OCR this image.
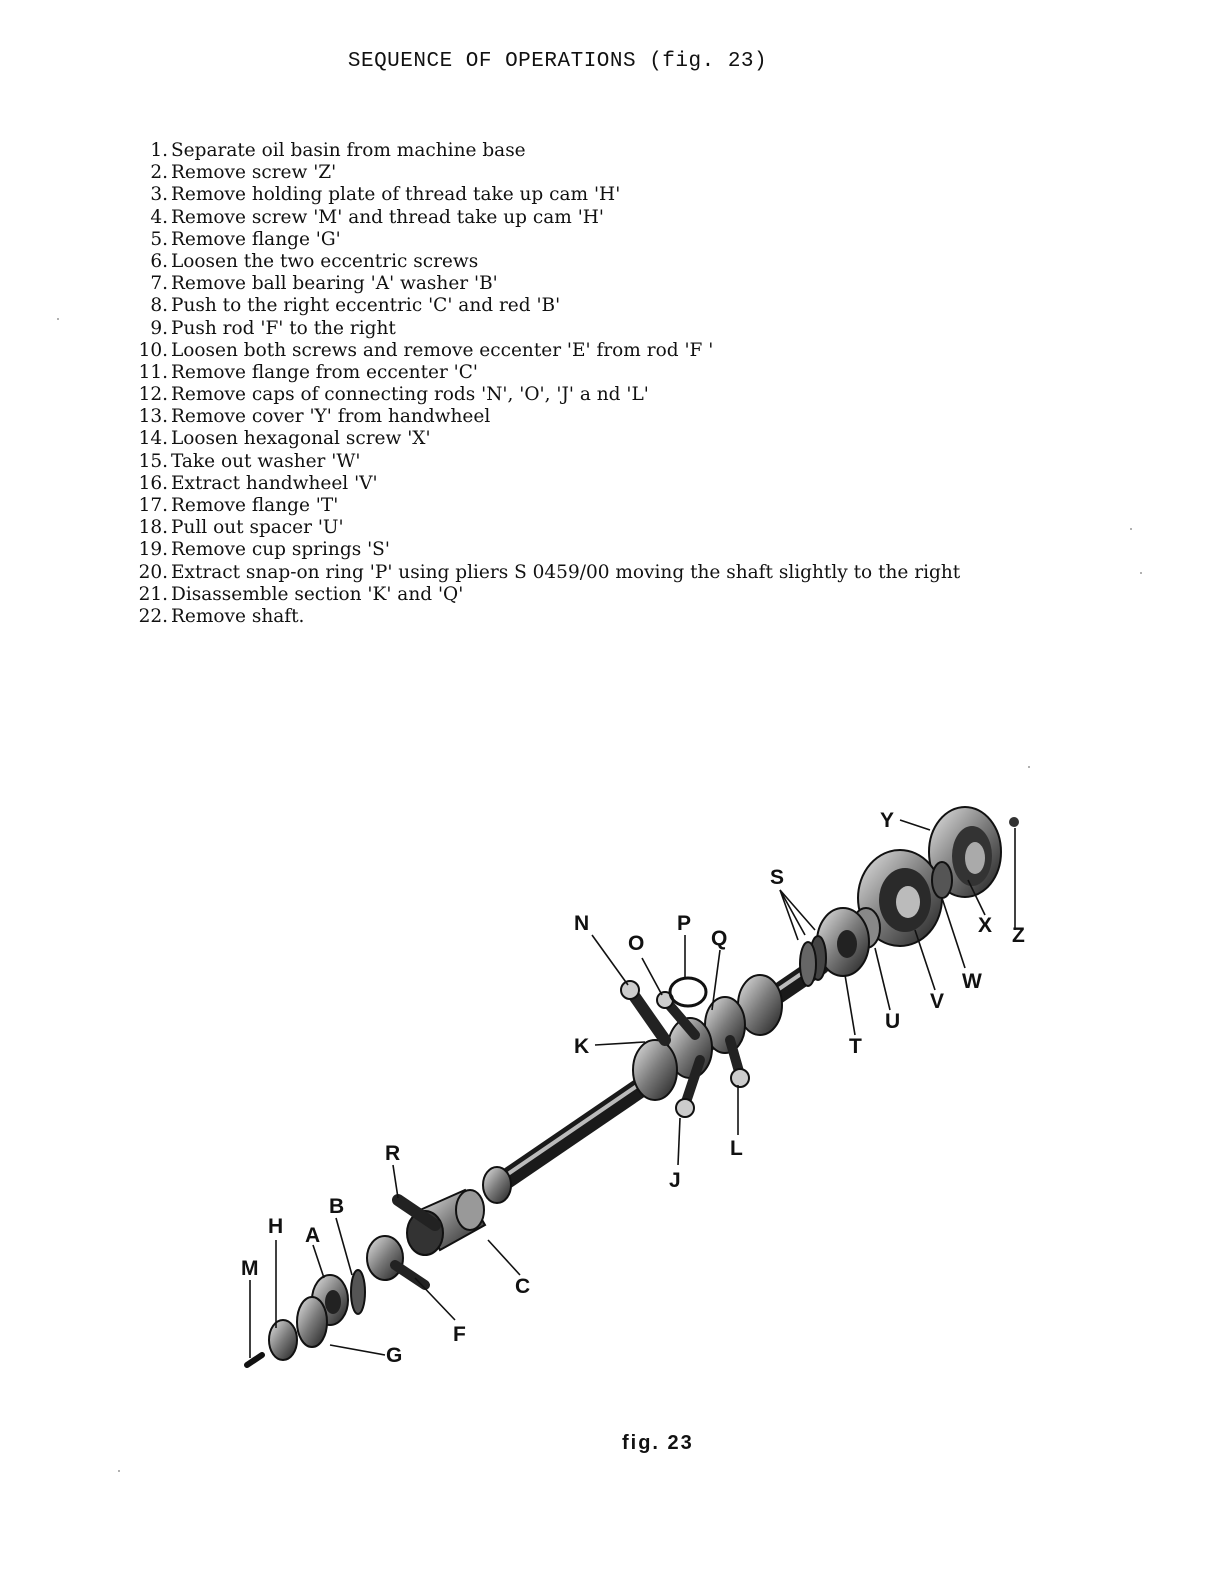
SEQUENCE OF OPERATIONS (fig. 23)
1. Separate oil basin from machine base
2. Remove screw 'Z'
3. Remove holding plate of thread take up cam 'H'
4. Remove screw 'M' and thread take up cam 'H'
5. Remove flange 'G'
6. Loosen the two eccentric screws
7. Remove ball bearing 'A' washer 'B'
8. Push to the right eccentric 'C' and red 'B'
9. Push rod 'F' to the right
10. Loosen both screws and remove eccenter 'E' from rod 'F '
11. Remove flange from eccenter 'C'
12. Remove caps of connecting rods 'N', 'O', 'J' a nd 'L'
13. Remove cover 'Y' from handwheel
14. Loosen hexagonal screw 'X'
15. Take out washer 'W'
16. Extract handwheel 'V'
17. Remove flange 'T'
18. Pull out spacer 'U'
19. Remove cup springs 'S'
20. Extract snap-on ring 'P' using pliers S 0459/00 moving the shaft slightly to the right
21. Disassemble section 'K' and 'Q'
22. Remove shaft.
Y
Z
X
S
W
V
U
T
N
O
P
Q
K
L
J
R
B
H A
M
C
F
G
fig. 23
